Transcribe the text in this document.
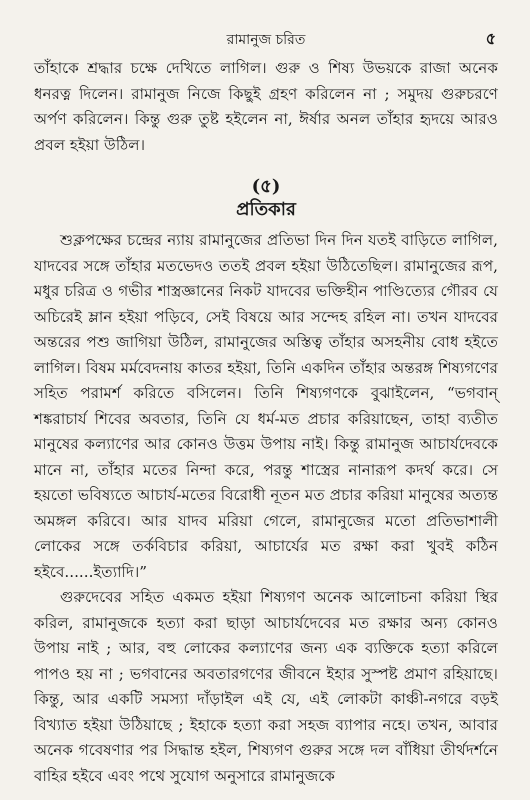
রামানুজ চরিত	৫

তাঁহাকে শ্রদ্ধার চক্ষে দেখিতে লাগিল। গুরু ও শিষ্য উভয়কে রাজা অনেক ধনরত্ন দিলেন। রামানুজ নিজে কিছুই গ্রহণ করিলেন না ; সমুদয় গুরুচরণে অর্পণ করিলেন। কিন্তু গুরু তুষ্ট হইলেন না, ঈর্ষার অনল তাঁহার হৃদয়ে আরও প্রবল হইয়া উঠিল।

(৫)
প্রতিকার

শুক্লপক্ষের চন্দ্রের ন্যায় রামানুজের প্রতিভা দিন দিন যতই বাড়িতে লাগিল, যাদবের সঙ্গে তাঁহার মতভেদও ততই প্রবল হইয়া উঠিতেছিল। রামানুজের রূপ, মধুর চরিত্র ও গভীর শাস্ত্রজ্ঞানের নিকট যাদবের ভক্তিহীন পাণ্ডিত্যের গৌরব যে অচিরেই ম্লান হইয়া পড়িবে, সেই বিষয়ে আর সন্দেহ রহিল না। তখন যাদবের অন্তরের পশু জাগিয়া উঠিল, রামানুজের অস্তিত্ব তাঁহার অসহনীয় বোধ হইতে লাগিল। বিষম মর্মবেদনায় কাতর হইয়া, তিনি একদিন তাঁহার অন্তরঙ্গ শিষ্যগণের সহিত পরামর্শ করিতে বসিলেন। তিনি শিষ্যগণকে বুঝাইলেন, “ভগবান্ শঙ্করাচার্য শিবের অবতার, তিনি যে ধর্ম-মত প্রচার করিয়াছেন, তাহা ব্যতীত মানুষের কল্যাণের আর কোনও উত্তম উপায় নাই। কিন্তু রামানুজ আচার্যদেবকে মানে না, তাঁহার মতের নিন্দা করে, পরন্তু শাস্ত্রের নানারূপ কদর্থ করে। সে হয়তো ভবিষ্যতে আচার্য-মতের বিরোধী নূতন মত প্রচার করিয়া মানুষের অত্যন্ত অমঙ্গল করিবে। আর যাদব মরিয়া গেলে, রামানুজের মতো প্রতিভাশালী লোকের সঙ্গে তর্কবিচার করিয়া, আচার্যের মত রক্ষা করা খুবই কঠিন হইবে......ইত্যাদি।”

গুরুদেবের সহিত একমত হইয়া শিষ্যগণ অনেক আলোচনা করিয়া স্থির করিল, রামানুজকে হত্যা করা ছাড়া আচার্যদেবের মত রক্ষার অন্য কোনও উপায় নাই ; আর, বহু লোকের কল্যাণের জন্য এক ব্যক্তিকে হত্যা করিলে পাপও হয় না ; ভগবানের অবতারগণের জীবনে ইহার সুস্পষ্ট প্রমাণ রহিয়াছে। কিন্তু, আর একটি সমস্যা দাঁড়াইল এই যে, এই লোকটা কাঞ্চী-নগরে বড়ই বিখ্যাত হইয়া উঠিয়াছে ; ইহাকে হত্যা করা সহজ ব্যাপার নহে। তখন, আবার অনেক গবেষণার পর সিদ্ধান্ত হইল, শিষ্যগণ গুরুর সঙ্গে দল বাঁধিয়া তীর্থদর্শনে বাহির হইবে এবং পথে সুযোগ অনুসারে রামানুজকে
